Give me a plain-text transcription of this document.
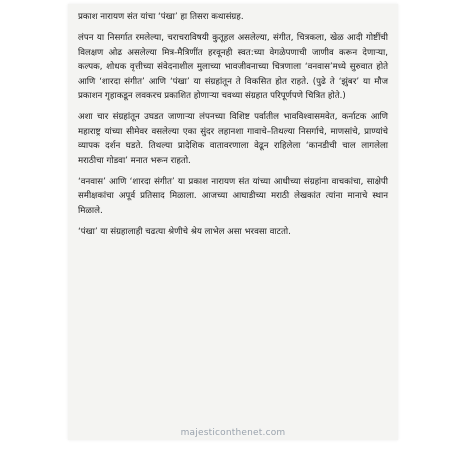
प्रकाश नारायण संत यांचा ‘पंखा’ हा तिसरा कथासंग्रह.

लंपन या निसर्गात रमलेल्या, चराचराविषयी कुतूहल असलेल्या, संगीत, चित्रकला, खेळ आदी गोष्टींची विलक्षण ओढ असलेल्या मित्र-मैत्रिणींत हरवूनही स्वत:च्या वेगळेपणाची जाणीव करून देणाऱ्या, कल्पक, शोधक वृत्तीच्या संवेदनाशील मुलाच्या भावजीवनाच्या चित्रणाला ‘वनवास’मध्ये सुरुवात होते आणि ‘शारदा संगीत’ आणि ‘पंखा’ या संग्रहांतून ते विकसित होत राहते. (पुढे ते ‘झुंबर’ या मौज प्रकाशन गृहाकडून लवकरच प्रकाशित होणाऱ्या चवथ्या संग्रहात परिपूर्णपणे चित्रित होते.)

अशा चार संग्रहांतून उघडत जाणाऱ्या लंपनच्या विशिष्ट पर्वातील भावविश्वासमवेत, कर्नाटक आणि महाराष्ट्र यांच्या सीमेवर वसलेल्या एका सुंदर लहानशा गावाचे–तिथल्या निसर्गाचे, माणसांचे, प्राण्यांचे व्यापक दर्शन घडते. तिथल्या प्रादेशिक वातावरणाला वेढून राहिलेला ‘कानडीची चाल लागलेला मराठीचा गोडवा’ मनात भरून राहतो.

‘वनवास’ आणि ‘शारदा संगीत’ या प्रकाश नारायण संत यांच्या आधीच्या संग्रहांना वाचकांचा, साक्षेपी समीक्षकांचा अपूर्व प्रतिसाद मिळाला. आजच्या आघाडीच्या मराठी लेखकांत त्यांना मानाचे स्थान मिळाले.

‘पंखा’ या संग्रहालाही चढत्या श्रेणीचे श्रेय लाभेल असा भरवसा वाटतो.

majesticonthenet.com
